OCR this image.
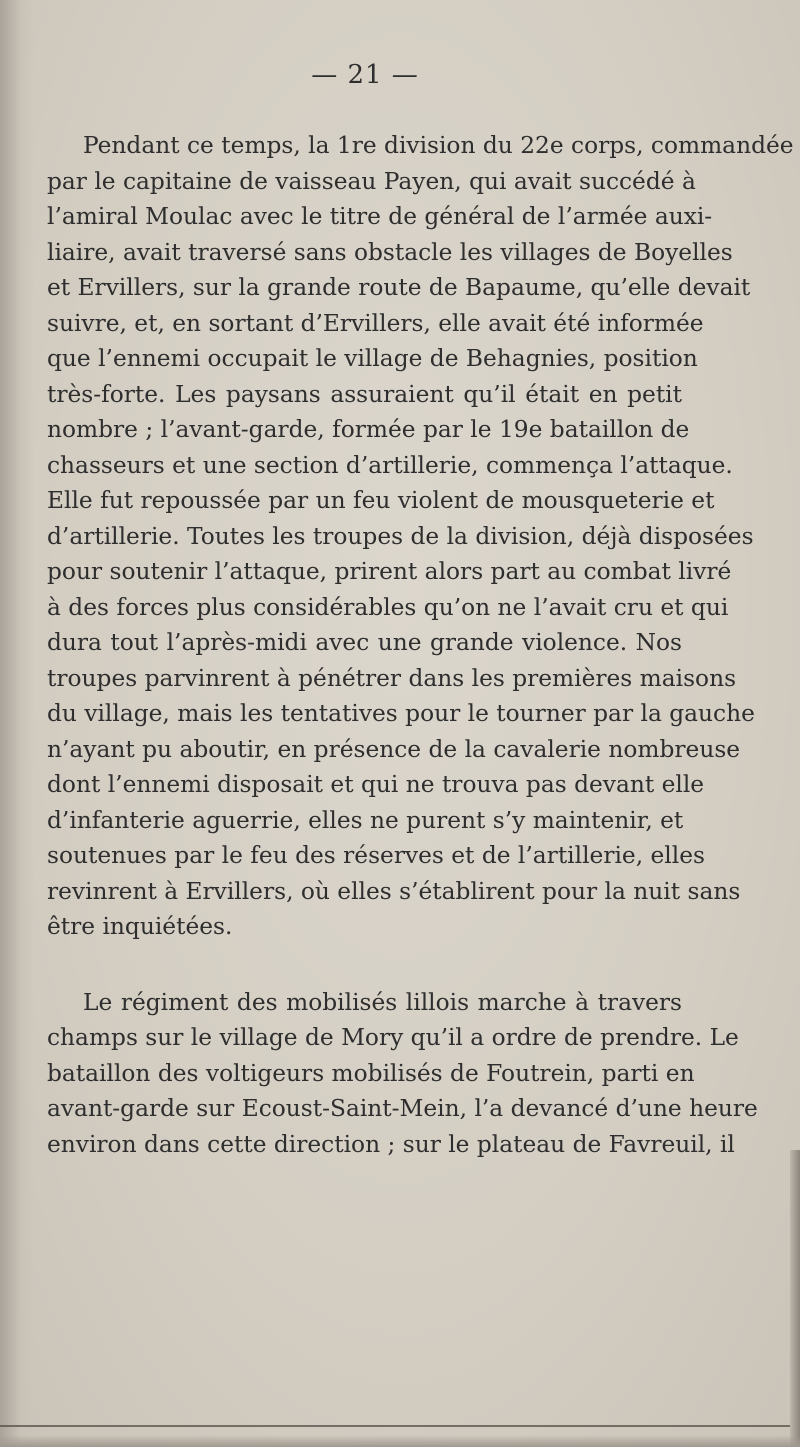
— 21 —
Pendant ce temps, la 1re division du 22e corps, commandée
par le capitaine de vaisseau Payen, qui avait succédé à
l’amiral Moulac avec le titre de général de l’armée auxi-
liaire, avait traversé sans obstacle les villages de Boyelles
et Ervillers, sur la grande route de Bapaume, qu’elle devait
suivre, et, en sortant d’Ervillers, elle avait été informée
que l’ennemi occupait le village de Behagnies, position
très-forte. Les paysans assuraient qu’il était en petit
nombre ; l’avant-garde, formée par le 19e bataillon de
chasseurs et une section d’artillerie, commença l’attaque.
Elle fut repoussée par un feu violent de mousqueterie et
d’artillerie. Toutes les troupes de la division, déjà disposées
pour soutenir l’attaque, prirent alors part au combat livré
à des forces plus considérables qu’on ne l’avait cru et qui
dura tout l’après-midi avec une grande violence. Nos
troupes parvinrent à pénétrer dans les premières maisons
du village, mais les tentatives pour le tourner par la gauche
n’ayant pu aboutir, en présence de la cavalerie nombreuse
dont l’ennemi disposait et qui ne trouva pas devant elle
d’infanterie aguerrie, elles ne purent s’y maintenir, et
soutenues par le feu des réserves et de l’artillerie, elles
revinrent à Ervillers, où elles s’établirent pour la nuit sans
être inquiétées.
Le régiment des mobilisés lillois marche à travers
champs sur le village de Mory qu’il a ordre de prendre. Le
bataillon des voltigeurs mobilisés de Foutrein, parti en
avant-garde sur Ecoust-Saint-Mein, l’a devancé d’une heure
environ dans cette direction ; sur le plateau de Favreuil, il
